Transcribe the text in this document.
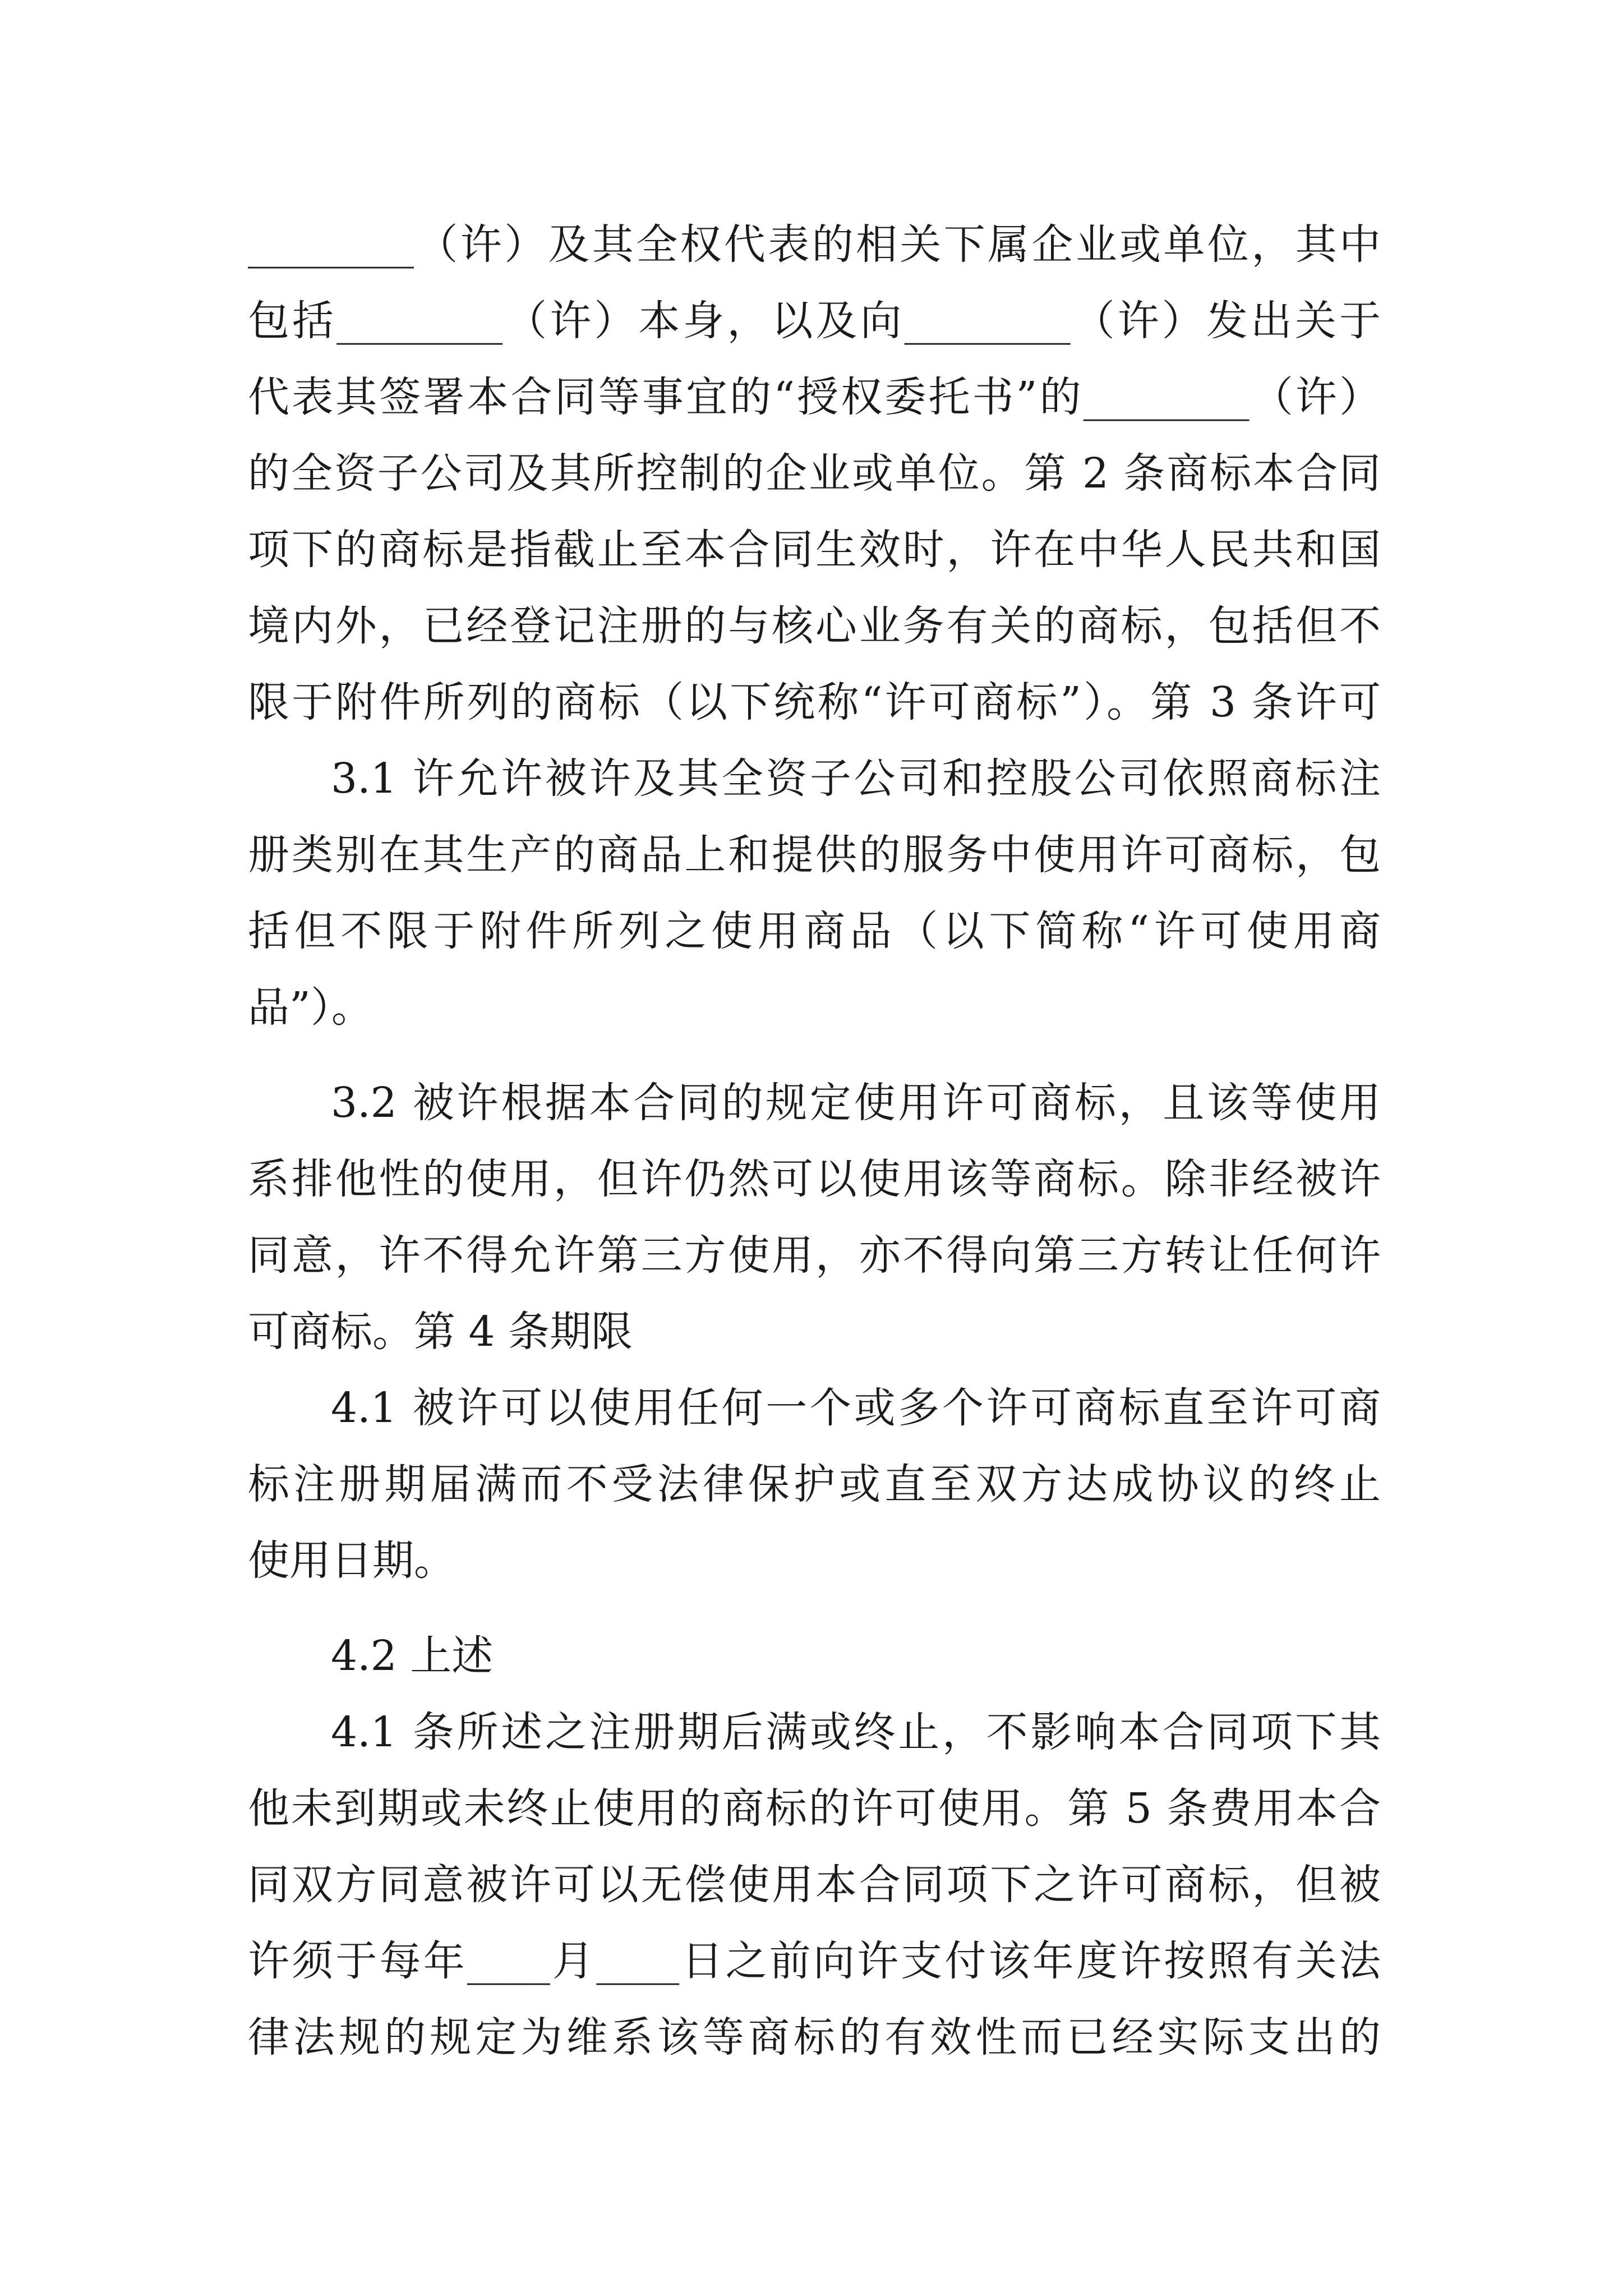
________（许）及其全权代表的相关下属企业或单位，其中
包括________（许）本身，以及向________（许）发出关于
代表其签署本合同等事宜的“授权委托书”的________（许）
的全资子公司及其所控制的企业或单位。第 2 条商标本合同
项下的商标是指截止至本合同生效时，许在中华人民共和国
境内外，已经登记注册的与核心业务有关的商标，包括但不
限于附件所列的商标（以下统称“许可商标”）。第 3 条许可
3.1 许允许被许及其全资子公司和控股公司依照商标注
册类别在其生产的商品上和提供的服务中使用许可商标，包
括但不限于附件所列之使用商品（以下简称“许可使用商
品”）。
3.2 被许根据本合同的规定使用许可商标，且该等使用
系排他性的使用，但许仍然可以使用该等商标。除非经被许
同意，许不得允许第三方使用，亦不得向第三方转让任何许
可商标。第 4 条期限
4.1 被许可以使用任何一个或多个许可商标直至许可商
标注册期届满而不受法律保护或直至双方达成协议的终止
使用日期。
4.2 上述
4.1 条所述之注册期后满或终止，不影响本合同项下其
他未到期或未终止使用的商标的许可使用。第 5 条费用本合
同双方同意被许可以无偿使用本合同项下之许可商标，但被
许须于每年____月____日之前向许支付该年度许按照有关法
律法规的规定为维系该等商标的有效性而已经实际支出的
